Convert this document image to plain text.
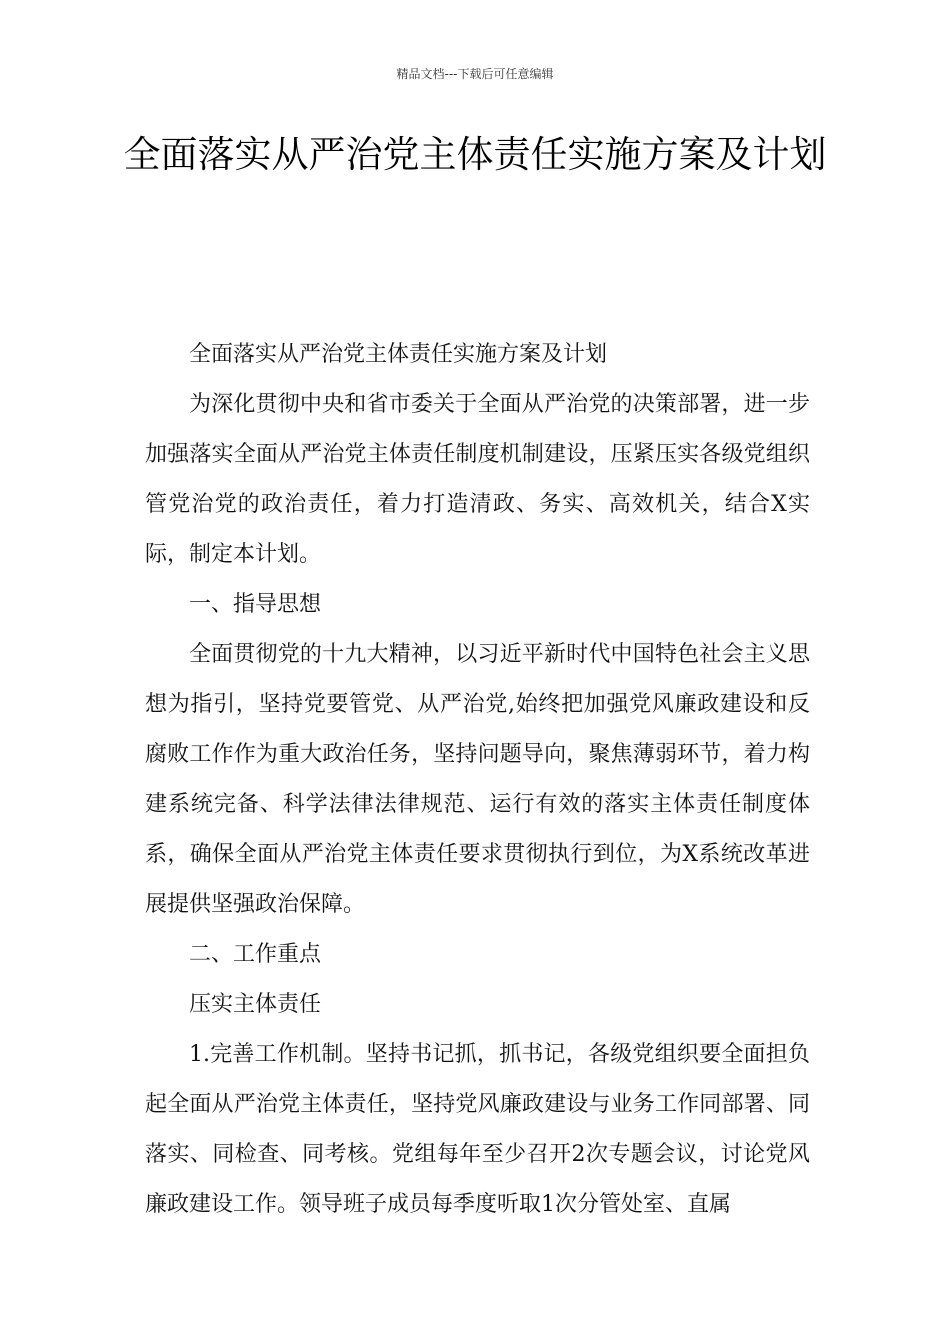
精品文档---下载后可任意编辑
全面落实从严治党主体责任实施方案及计划

全面落实从严治党主体责任实施方案及计划

为深化贯彻中央和省市委关于全面从严治党的决策部署，进一步加强落实全面从严治党主体责任制度机制建设，压紧压实各级党组织管党治党的政治责任，着力打造清政、务实、高效机关，结合X实际，制定本计划。

一、指导思想

全面贯彻党的十九大精神，以习近平新时代中国特色社会主义思想为指引，坚持党要管党、从严治党,始终把加强党风廉政建设和反腐败工作作为重大政治任务，坚持问题导向，聚焦薄弱环节，着力构建系统完备、科学法律法律规范、运行有效的落实主体责任制度体系，确保全面从严治党主体责任要求贯彻执行到位，为X系统改革进展提供坚强政治保障。

二、工作重点

压实主体责任

1.完善工作机制。坚持书记抓，抓书记，各级党组织要全面担负起全面从严治党主体责任，坚持党风廉政建设与业务工作同部署、同落实、同检查、同考核。党组每年至少召开2次专题会议，讨论党风廉政建设工作。领导班子成员每季度听取1次分管处室、直属
